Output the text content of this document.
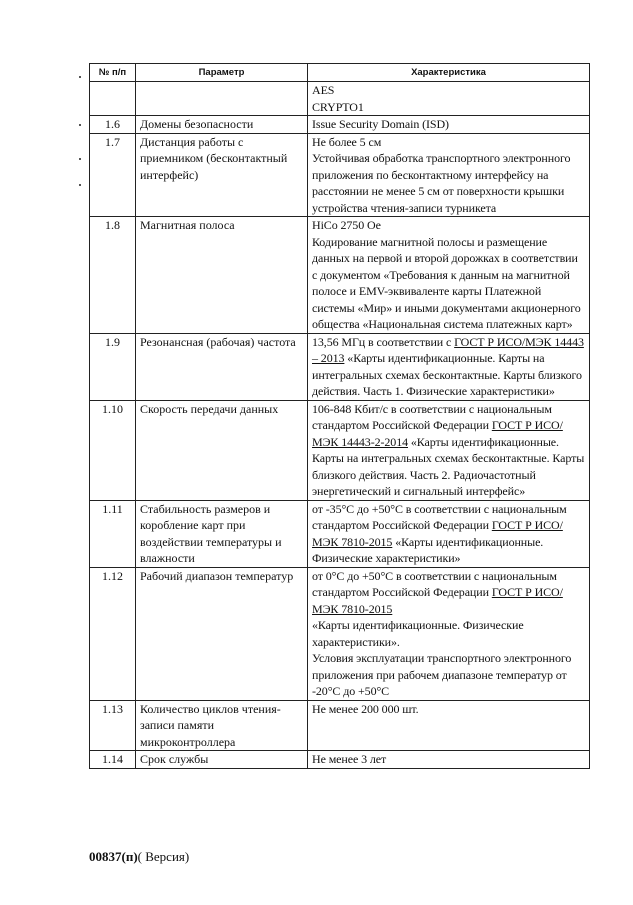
№ п/п	Параметр	Характеристика
		AES
CRYPTO1
1.6	Домены безопасности	Issue Security Domain (ISD)
1.7	Дистанция работы с приемником (бесконтактный интерфейс)	Не более 5 см
Устойчивая обработка транспортного электронного приложения по бесконтактному интерфейсу на расстоянии не менее 5 см от поверхности крышки устройства чтения-записи турникета
1.8	Магнитная полоса	HiCo 2750 Oe
Кодирование магнитной полосы и размещение данных на первой и второй дорожках в соответствии с документом «Требования к данным на магнитной полосе и EMV-эквиваленте карты Платежной системы «Мир» и иными документами акционерного общества «Национальная система платежных карт»
1.9	Резонансная (рабочая) частота	13,56 МГц в соответствии с ГОСТ Р ИСО/МЭК 14443 – 2013 «Карты идентификационные. Карты на интегральных схемах бесконтактные. Карты близкого действия. Часть 1. Физические характеристики»
1.10	Скорость передачи данных	106-848 Кбит/с в соответствии с национальным стандартом Российской Федерации ГОСТ Р ИСО/МЭК 14443-2-2014 «Карты идентификационные. Карты на интегральных схемах бесконтактные. Карты близкого действия. Часть 2. Радиочастотный энергетический и сигнальный интерфейс»
1.11	Стабильность размеров и коробление карт при воздействии температуры и влажности	от -35°С до +50°С в соответствии с национальным стандартом Российской Федерации ГОСТ Р ИСО/МЭК 7810-2015 «Карты идентификационные. Физические характеристики»
1.12	Рабочий диапазон температур	от 0°С до +50°С в соответствии с национальным стандартом Российской Федерации ГОСТ Р ИСО/МЭК 7810-2015
«Карты идентификационные. Физические характеристики».
Условия эксплуатации транспортного электронного приложения при рабочем диапазоне температур от -20°С до +50°С
1.13	Количество циклов чтения-записи памяти микроконтроллера	Не менее 200 000 шт.
1.14	Срок службы	Не менее 3 лет
00837(п)( Версия)
